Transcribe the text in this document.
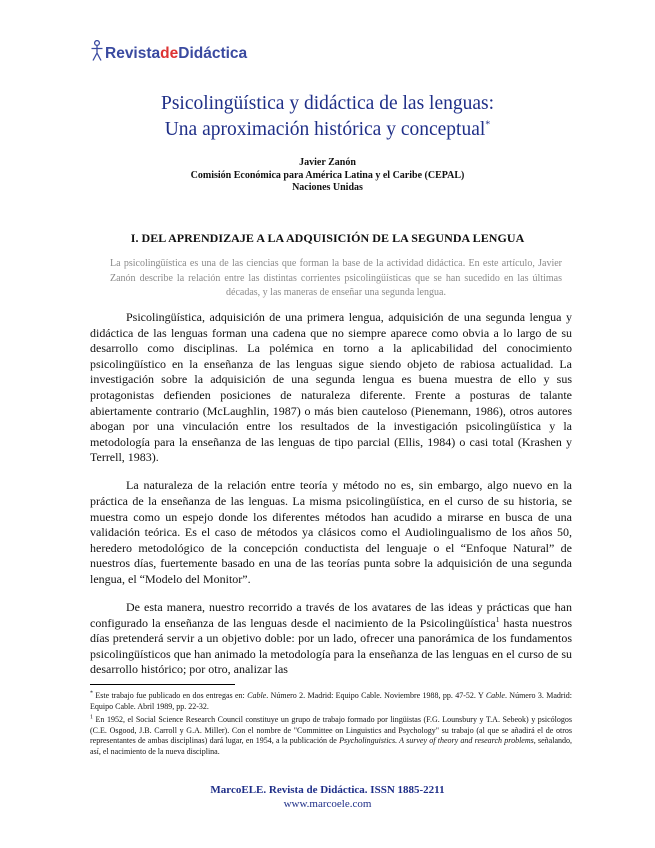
RevistadeDidáctica
Psicolingüística y didáctica de las lenguas:
Una aproximación histórica y conceptual*
Javier Zanón
Comisión Económica para América Latina y el Caribe (CEPAL)
Naciones Unidas
I. DEL APRENDIZAJE A LA ADQUISICIÓN DE LA SEGUNDA LENGUA
La psicolingüística es una de las ciencias que forman la base de la actividad didáctica. En este artículo, Javier Zanón describe la relación entre las distintas corrientes psicolingüísticas que se han sucedido en las últimas décadas, y las maneras de enseñar una segunda lengua.

Psicolingüística, adquisición de una primera lengua, adquisición de una segunda lengua y didáctica de las lenguas forman una cadena que no siempre aparece como obvia a lo largo de su desarrollo como disciplinas. La polémica en torno a la aplicabilidad del conocimiento psicolingüístico en la enseñanza de las lenguas sigue siendo objeto de rabiosa actualidad. La investigación sobre la adquisición de una segunda lengua es buena muestra de ello y sus protagonistas defienden posiciones de naturaleza diferente. Frente a posturas de talante abiertamente contrario (McLaughlin, 1987) o más bien cauteloso (Pienemann, 1986), otros autores abogan por una vinculación entre los resultados de la investigación psicolingüística y la metodología para la enseñanza de las lenguas de tipo parcial (Ellis, 1984) o casi total (Krashen y Terrell, 1983).

La naturaleza de la relación entre teoría y método no es, sin embargo, algo nuevo en la práctica de la enseñanza de las lenguas. La misma psicolingüística, en el curso de su historia, se muestra como un espejo donde los diferentes métodos han acudido a mirarse en busca de una validación teórica. Es el caso de métodos ya clásicos como el Audiolingualismo de los años 50, heredero metodológico de la concepción conductista del lenguaje o el “Enfoque Natural” de nuestros días, fuertemente basado en una de las teorías punta sobre la adquisición de una segunda lengua, el “Modelo del Monitor”.

De esta manera, nuestro recorrido a través de los avatares de las ideas y prácticas que han configurado la enseñanza de las lenguas desde el nacimiento de la Psicolingüística$^1$ hasta nuestros días pretenderá servir a un objetivo doble: por un lado, ofrecer una panorámica de los fundamentos psicolingüísticos que han animado la metodología para la enseñanza de las lenguas en el curso de su desarrollo histórico; por otro, analizar las

* Este trabajo fue publicado en dos entregas en: Cable. Número 2. Madrid: Equipo Cable. Noviembre 1988, pp. 47-52. Y Cable. Número 3. Madrid: Equipo Cable. Abril 1989, pp. 22-32.

$^1$ En 1952, el Social Science Research Council constituye un grupo de trabajo formado por lingüistas (F.G. Lounsbury y T.A. Sebeok) y psicólogos (C.E. Osgood, J.B. Carroll y G.A. Miller). Con el nombre de "Committee on Linguistics and Psychology" su trabajo (al que se añadirá el de otros representantes de ambas disciplinas) dará lugar, en 1954, a la publicación de Psycholinguistics. A survey of theory and research problems, señalando, así, el nacimiento de la nueva disciplina.

MarcoELE. Revista de Didáctica. ISSN 1885-2211
www.marcoele.com
